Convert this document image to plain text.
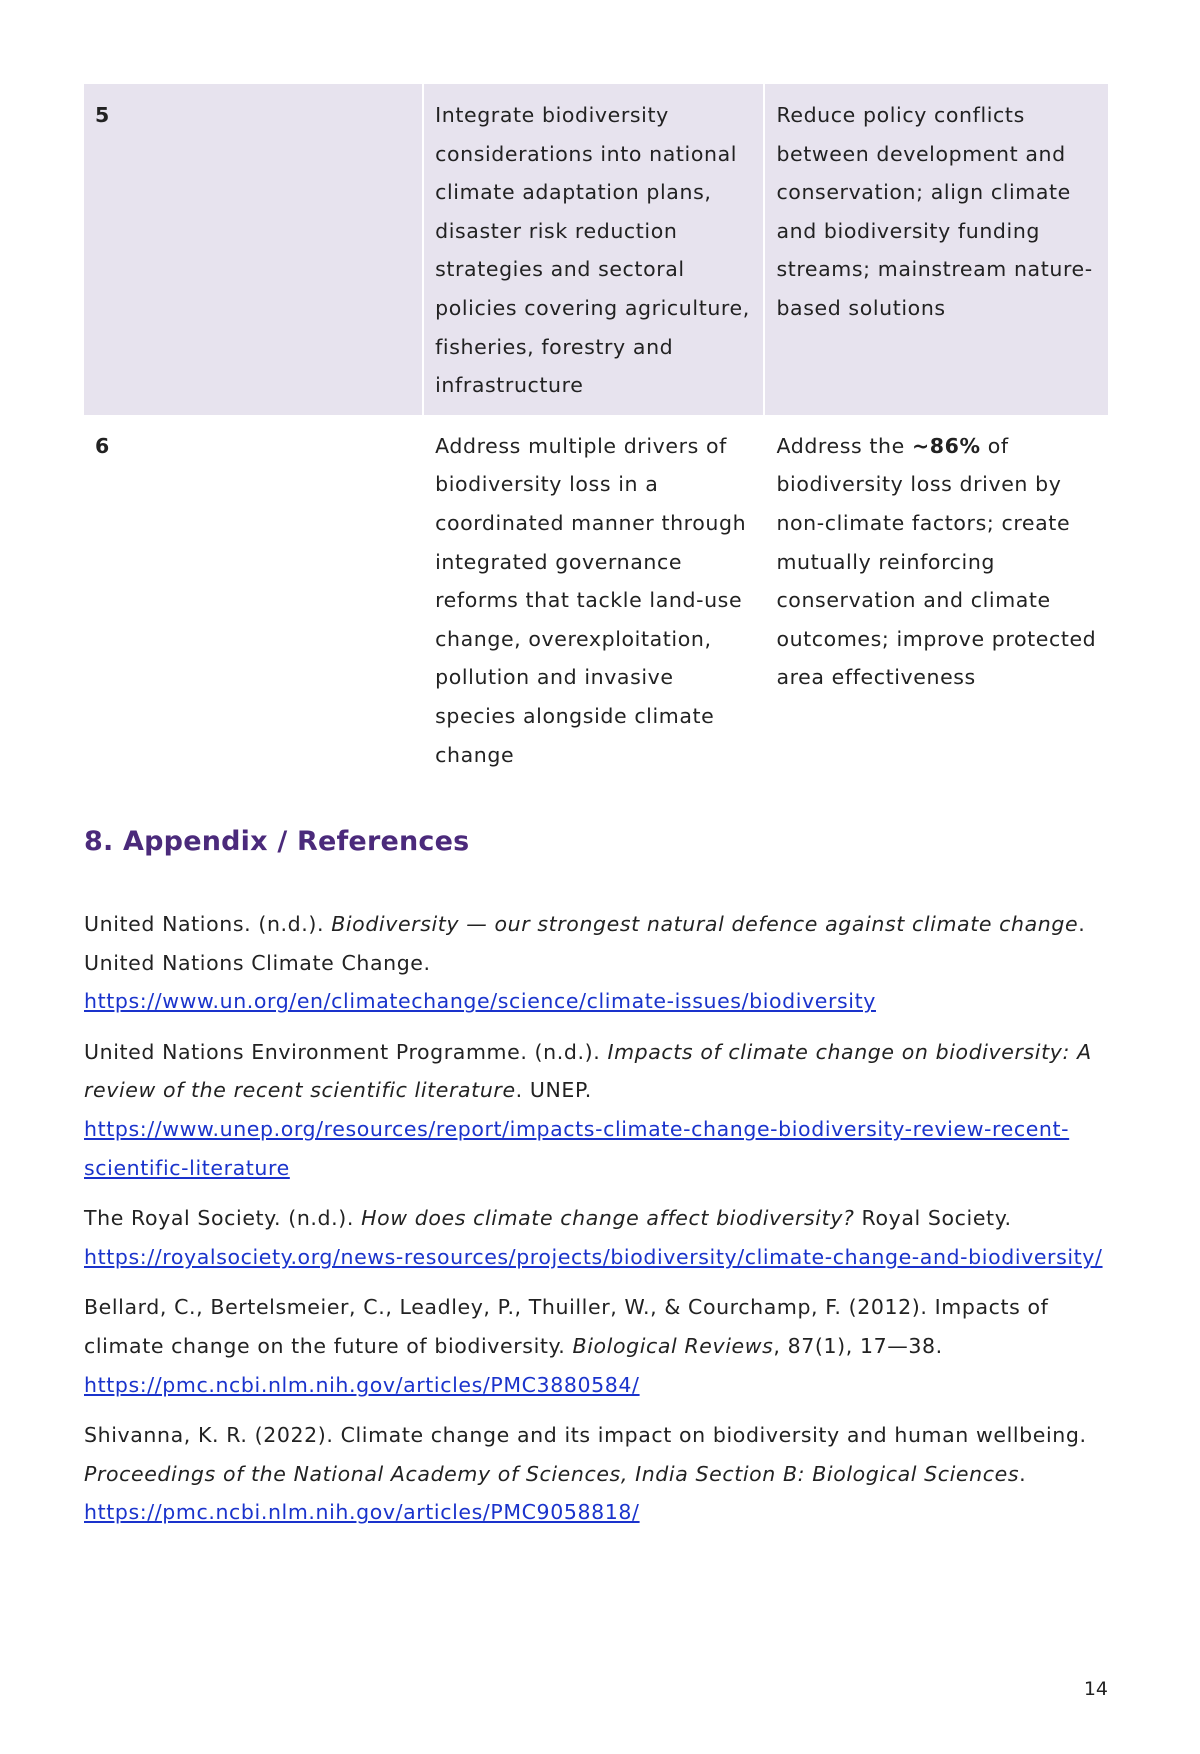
5	Integrate biodiversity considerations into national climate adaptation plans, disaster risk reduction strategies and sectoral policies covering agriculture, fisheries, forestry and infrastructure	Reduce policy conflicts between development and conservation; align climate and biodiversity funding streams; mainstream nature-based solutions
6	Address multiple drivers of biodiversity loss in a coordinated manner through integrated governance reforms that tackle land-use change, overexploitation, pollution and invasive species alongside climate change	Address the ~86% of biodiversity loss driven by non-climate factors; create mutually reinforcing conservation and climate outcomes; improve protected area effectiveness
8. Appendix / References

United Nations. (n.d.). Biodiversity — our strongest natural defence against climate change. United Nations Climate Change.
https://www.un.org/en/climatechange/science/climate-issues/biodiversity

United Nations Environment Programme. (n.d.). Impacts of climate change on biodiversity: A review of the recent scientific literature. UNEP.
https://www.unep.org/resources/report/impacts-climate-change-biodiversity-review-recent-scientific-literature

The Royal Society. (n.d.). How does climate change affect biodiversity? Royal Society.
https://royalsociety.org/news-resources/projects/biodiversity/climate-change-and-biodiversity/

Bellard, C., Bertelsmeier, C., Leadley, P., Thuiller, W., & Courchamp, F. (2012). Impacts of climate change on the future of biodiversity. Biological Reviews, 87(1), 17—38.
https://pmc.ncbi.nlm.nih.gov/articles/PMC3880584/

Shivanna, K. R. (2022). Climate change and its impact on biodiversity and human wellbeing. Proceedings of the National Academy of Sciences, India Section B: Biological Sciences. https://pmc.ncbi.nlm.nih.gov/articles/PMC9058818/

14
